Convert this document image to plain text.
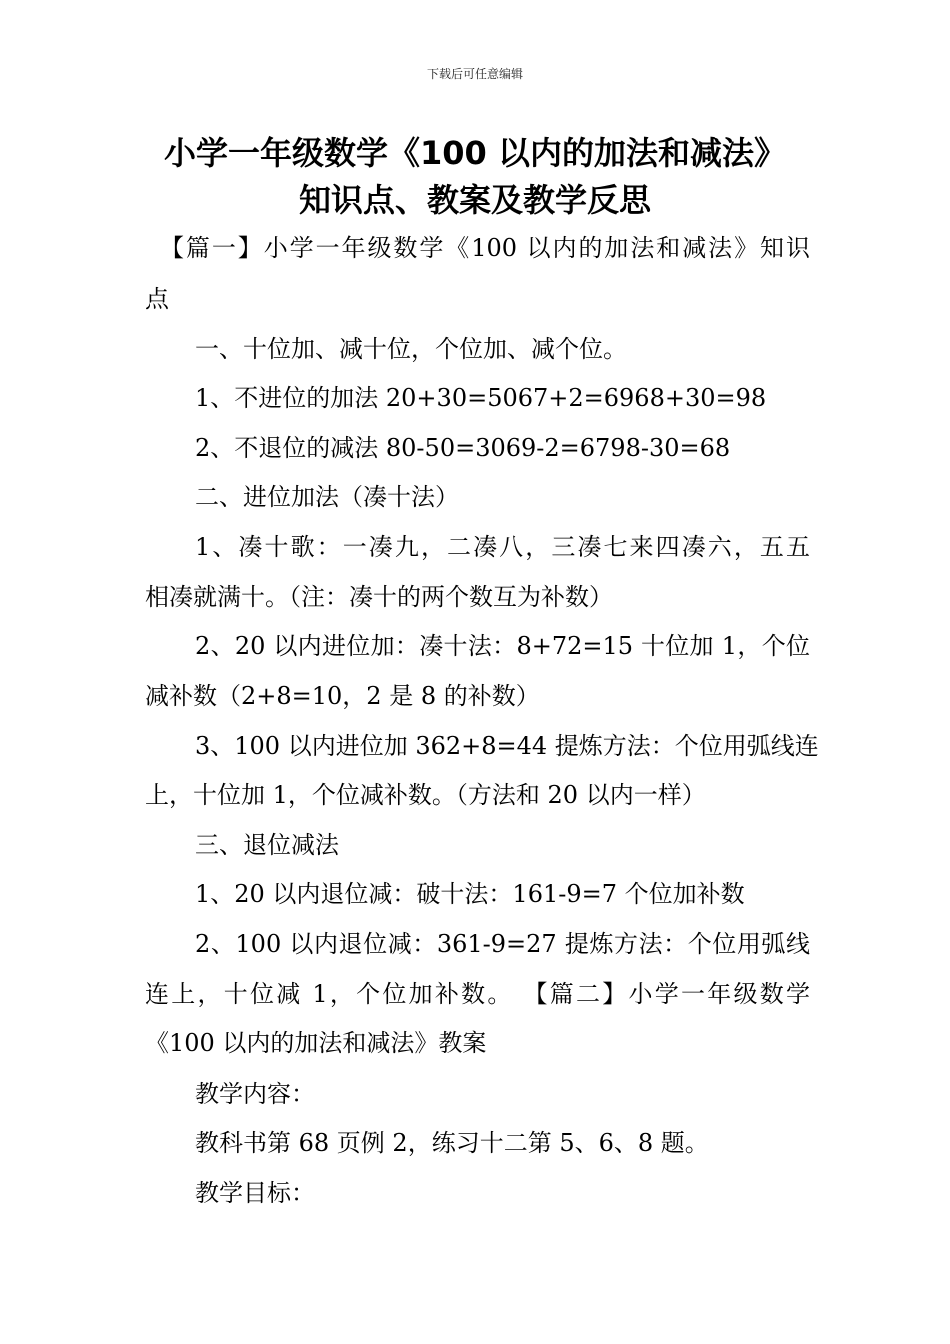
下载后可任意编辑
小学一年级数学《100 以内的加法和减法》
知识点、教案及教学反思
【篇一】小学一年级数学《100 以内的加法和减法》知识
点
一、十位加、减十位，个位加、减个位。
1、不进位的加法 20+30=5067+2=6968+30=98
2、不退位的减法 80-50=3069-2=6798-30=68
二、进位加法（凑十法）
1、凑十歌：一凑九，二凑八，三凑七来四凑六，五五
相凑就满十。（注：凑十的两个数互为补数）
2、20 以内进位加：凑十法：8+72=15 十位加 1，个位
减补数（2+8=10，2 是 8 的补数）
3、100 以内进位加 362+8=44 提炼方法：个位用弧线连
上，十位加 1，个位减补数。（方法和 20 以内一样）
三、退位减法
1、20 以内退位减：破十法：161-9=7 个位加补数
2、100 以内退位减：361-9=27 提炼方法：个位用弧线
连上，十位减 1，个位加补数。 【篇二】小学一年级数学
《100 以内的加法和减法》教案
教学内容：
教科书第 68 页例 2，练习十二第 5、6、8 题。
教学目标：
